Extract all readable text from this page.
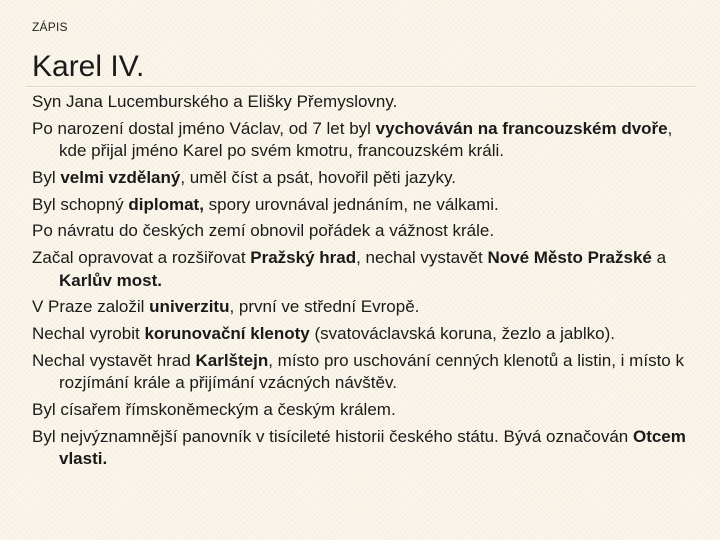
ZÁPIS
Karel IV.
Syn Jana Lucemburského a Elišky Přemyslovny.
Po narození dostal jméno Václav, od 7 let byl vychováván na francouzském dvoře, kde přijal jméno Karel po svém kmotru, francouzském králi.
Byl velmi vzdělaný, uměl číst a psát, hovořil pěti jazyky.
Byl schopný diplomat, spory urovnával jednáním, ne válkami.
Po návratu do českých zemí obnovil pořádek a vážnost krále.
Začal opravovat a rozšiřovat Pražský hrad, nechal vystavět Nové Město Pražské a Karlův most.
V Praze založil univerzitu, první ve střední Evropě.
Nechal vyrobit korunovační klenoty (svatováclavská koruna, žezlo a jablko).
Nechal vystavět hrad Karlštejn, místo pro uschování cenných klenotů a listin, i místo k rozjímání krále a přijímání vzácných návštěv.
Byl císařem římskoněmeckým a českým králem.
Byl nejvýznamnější panovník v tisícileté historii českého státu. Bývá označován Otcem vlasti.
